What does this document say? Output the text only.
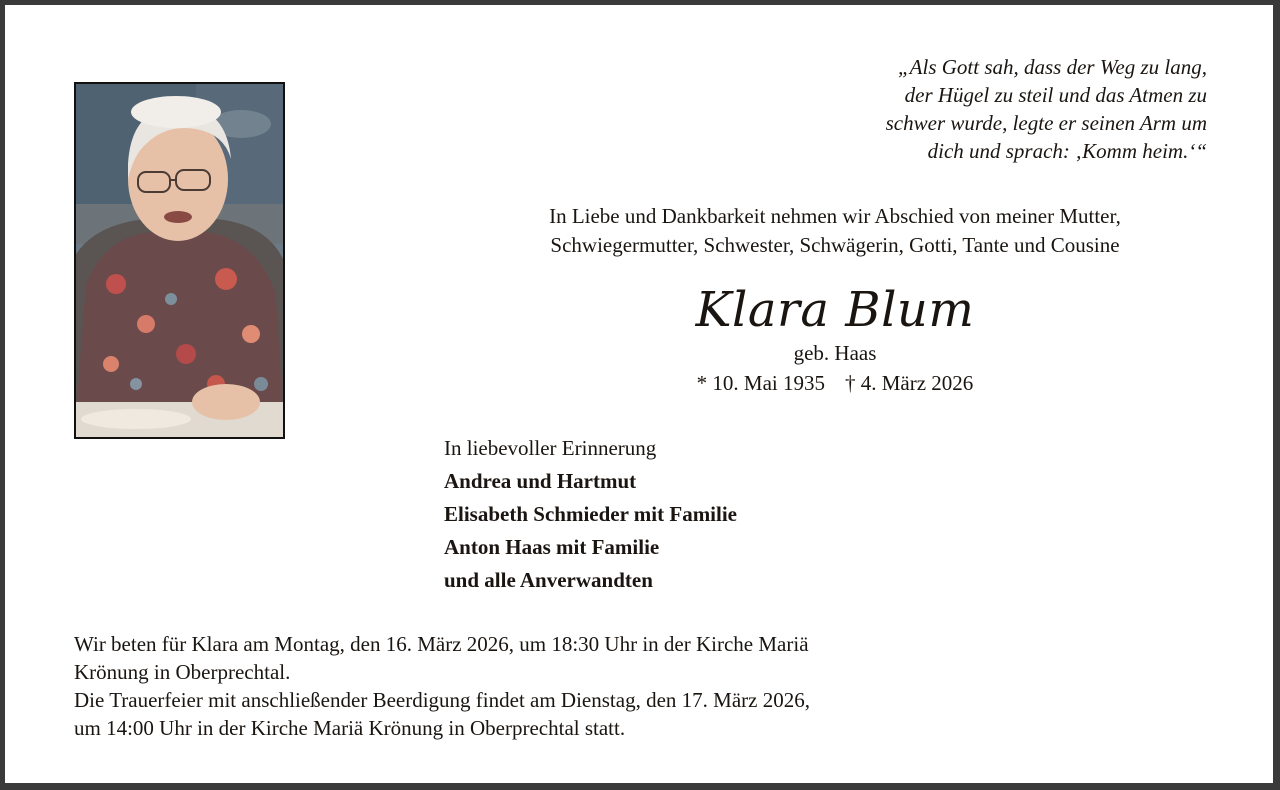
„Als Gott sah, dass der Weg zu lang,
der Hügel zu steil und das Atmen zu
schwer wurde, legte er seinen Arm um
dich und sprach: ‚Komm heim.‘“
In Liebe und Dankbarkeit nehmen wir Abschied von meiner Mutter,
Schwiegermutter, Schwester, Schwägerin, Gotti, Tante und Cousine
Klara Blum
geb. Haas
* 10. Mai 1935 † 4. März 2026
In liebevoller Erinnerung
Andrea und Hartmut
Elisabeth Schmieder mit Familie
Anton Haas mit Familie
und alle Anverwandten
Wir beten für Klara am Montag, den 16. März 2026, um 18:30 Uhr in der Kirche Mariä
Krönung in Oberprechtal.
Die Trauerfeier mit anschließender Beerdigung findet am Dienstag, den 17. März 2026,
um 14:00 Uhr in der Kirche Mariä Krönung in Oberprechtal statt.
